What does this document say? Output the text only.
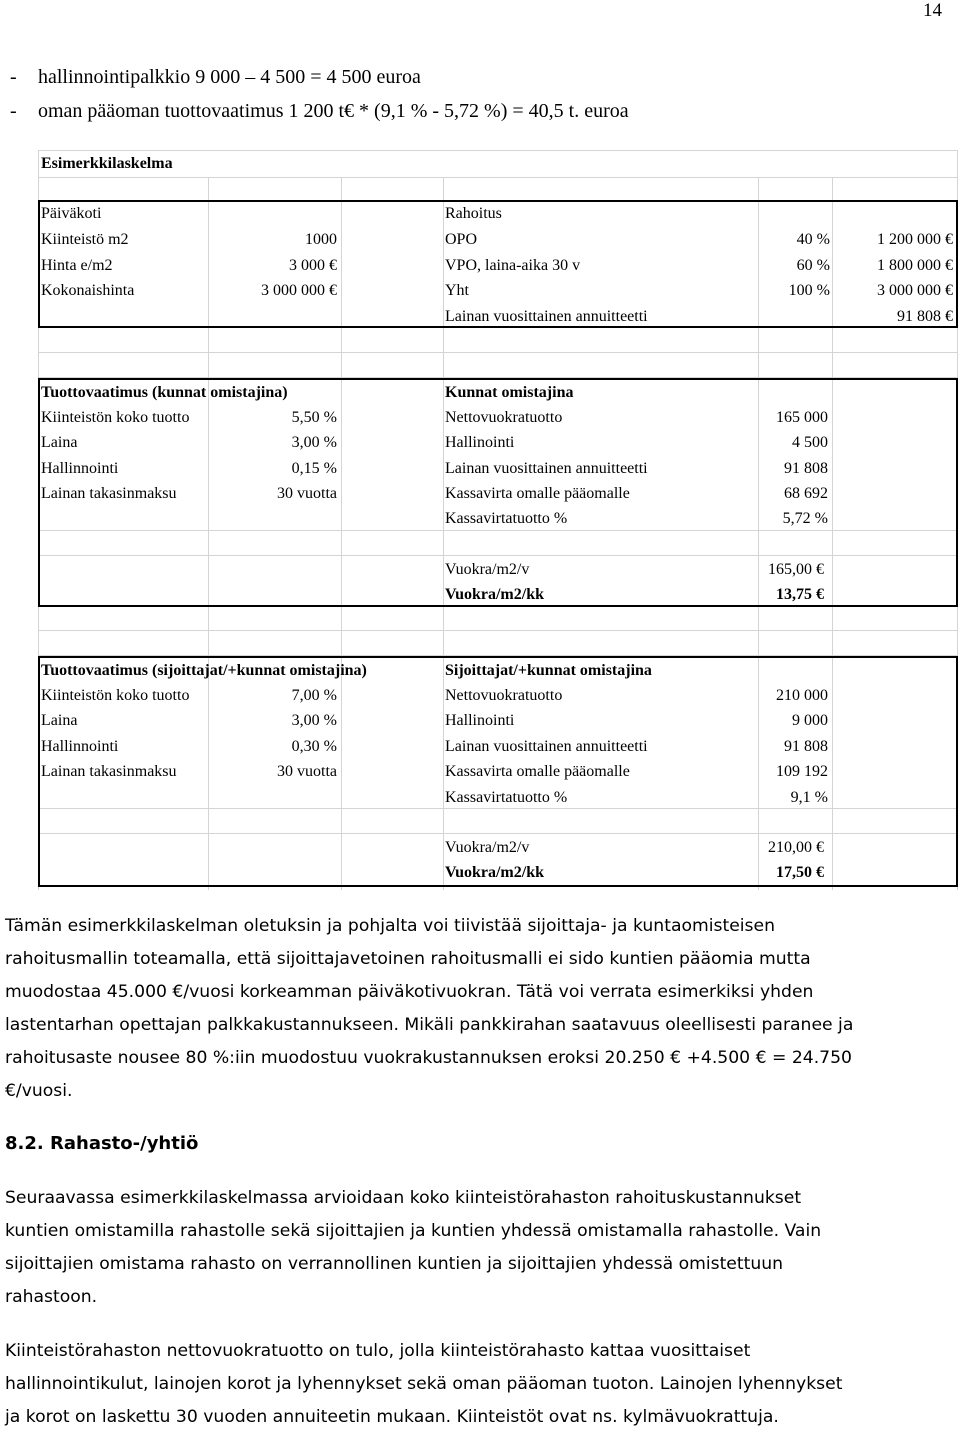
14
- hallinnointipalkkio 9 000 – 4 500 = 4 500 euroa
- oman pääoman tuottovaatimus 1 200 t€ * (9,1 % - 5,72 %) = 40,5 t. euroa
Esimerkkilaskelma
Päiväkoti	Rahoitus
Kiinteistö m2	1000	OPO	40 %	1 200 000 €
Hinta e/m2	3 000 €	VPO, laina-aika 30 v	60 %	1 800 000 €
Kokonaishinta	3 000 000 €	Yht	100 %	3 000 000 €
Lainan vuosittainen annuitteetti	91 808 €
Tuottovaatimus (kunnat omistajina)	Kunnat omistajina
Kiinteistön koko tuotto	5,50 %	Nettovuokratuotto	165 000
Laina	3,00 %	Hallinointi	4 500
Hallinnointi	0,15 %	Lainan vuosittainen annuitteetti	91 808
Lainan takasinmaksu	30 vuotta	Kassavirta omalle pääomalle	68 692
Kassavirtatuotto %	5,72 %
Vuokra/m2/v	165,00 €
Vuokra/m2/kk	13,75 €
Tuottovaatimus (sijoittajat/+kunnat omistajina)	Sijoittajat/+kunnat omistajina
Kiinteistön koko tuotto	7,00 %	Nettovuokratuotto	210 000
Laina	3,00 %	Hallinointi	9 000
Hallinnointi	0,30 %	Lainan vuosittainen annuitteetti	91 808
Lainan takasinmaksu	30 vuotta	Kassavirta omalle pääomalle	109 192
Kassavirtatuotto %	9,1 %
Vuokra/m2/v	210,00 €
Vuokra/m2/kk	17,50 €

Tämän esimerkkilaskelman oletuksin ja pohjalta voi tiivistää sijoittaja- ja kuntaomisteisen

rahoitusmallin toteamalla, että sijoittajavetoinen rahoitusmalli ei sido kuntien pääomia mutta

muodostaa 45.000 €/vuosi korkeamman päiväkotivuokran. Tätä voi verrata esimerkiksi yhden

lastentarhan opettajan palkkakustannukseen. Mikäli pankkirahan saatavuus oleellisesti paranee ja

rahoitusaste nousee 80 %:iin muodostuu vuokrakustannuksen eroksi 20.250 € +4.500 € = 24.750

€/vuosi.

8.2. Rahasto-/yhtiö

Seuraavassa esimerkkilaskelmassa arvioidaan koko kiinteistörahaston rahoituskustannukset

kuntien omistamilla rahastolle sekä sijoittajien ja kuntien yhdessä omistamalla rahastolle. Vain

sijoittajien omistama rahasto on verrannollinen kuntien ja sijoittajien yhdessä omistettuun

rahastoon.

Kiinteistörahaston nettovuokratuotto on tulo, jolla kiinteistörahasto kattaa vuosittaiset

hallinnointikulut, lainojen korot ja lyhennykset sekä oman pääoman tuoton. Lainojen lyhennykset

ja korot on laskettu 30 vuoden annuiteetin mukaan. Kiinteistöt ovat ns. kylmävuokrattuja.
